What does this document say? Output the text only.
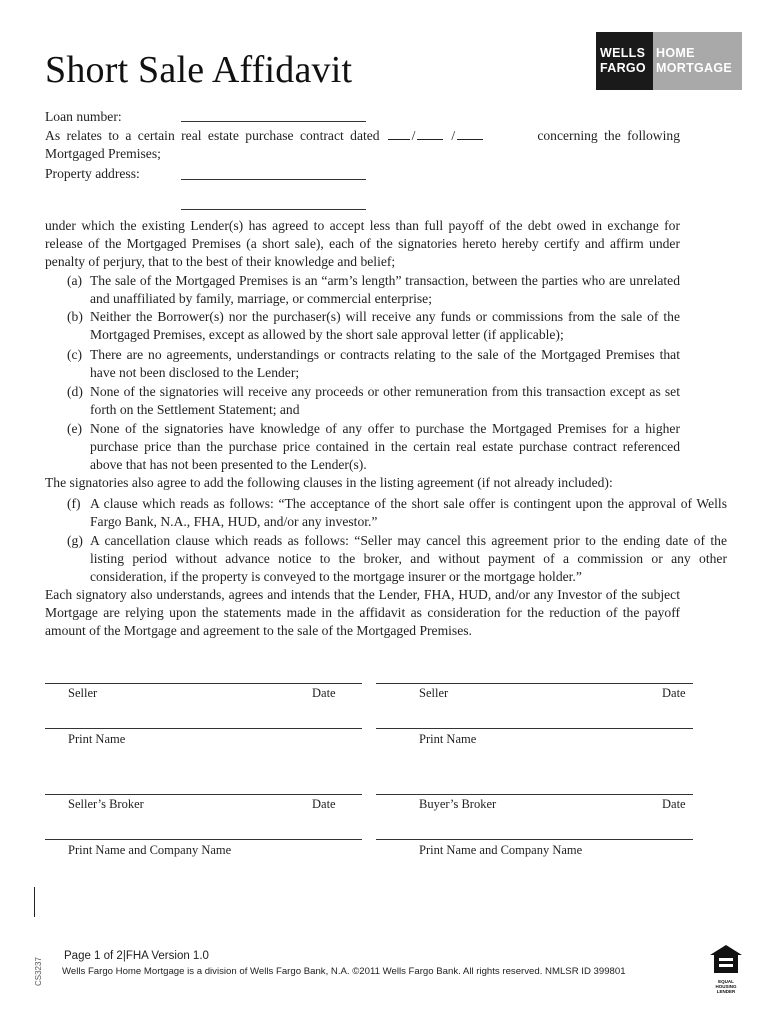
Short Sale Affidavit	WELLS
FARGO
HOME
MORTGAGE
Loan number:
As relates to a certain real estate purchase contract dated /	/	concerning the following
Mortgaged Premises;
Property address:
under which the existing Lender(s) has agreed to accept less than full payoff of the debt owed in exchange for release of the Mortgaged Premises (a short sale), each of the signatories hereto hereby certify and affirm under penalty of perjury, that to the best of their knowledge and belief;
(a) The sale of the Mortgaged Premises is an “arm’s length” transaction, between the parties who are unrelated and unaffiliated by family, marriage, or commercial enterprise;
(b) Neither the Borrower(s) nor the purchaser(s) will receive any funds or commissions from the sale of the Mortgaged Premises, except as allowed by the short sale approval letter (if applicable);
(c) There are no agreements, understandings or contracts relating to the sale of the Mortgaged Premises that have not been disclosed to the Lender;
(d) None of the signatories will receive any proceeds or other remuneration from this transaction except as set forth on the Settlement Statement; and
(e) None of the signatories have knowledge of any offer to purchase the Mortgaged Premises for a higher purchase price than the purchase price contained in the certain real estate purchase contract referenced above that has not been presented to the Lender(s).
The signatories also agree to add the following clauses in the listing agreement (if not already included):
(f) A clause which reads as follows: “The acceptance of the short sale offer is contingent upon the approval of Wells Fargo Bank, N.A., FHA, HUD, and/or any investor.”
(g) A cancellation clause which reads as follows: “Seller may cancel this agreement prior to the ending date of the listing period without advance notice to the broker, and without payment of a commission or any other consideration, if the property is conveyed to the mortgage insurer or the mortgage holder.”
Each signatory also understands, agrees and intends that the Lender, FHA, HUD, and/or any Investor of the subject Mortgage are relying upon the statements made in the affidavit as consideration for the reduction of the payoff amount of the Mortgage and agreement to the sale of the Mortgaged Premises.
Seller	Date	Seller	Date
Print Name	Print Name
Seller’s Broker	Date	Buyer’s Broker	Date
Print Name and Company Name	Print Name and Company Name
CS3237
Page 1 of 2|FHA Version 1.0
Wells Fargo Home Mortgage is a division of Wells Fargo Bank, N.A. ©2011 Wells Fargo Bank. All rights reserved. NMLSR ID 399801
EQUAL HOUSING LENDER
